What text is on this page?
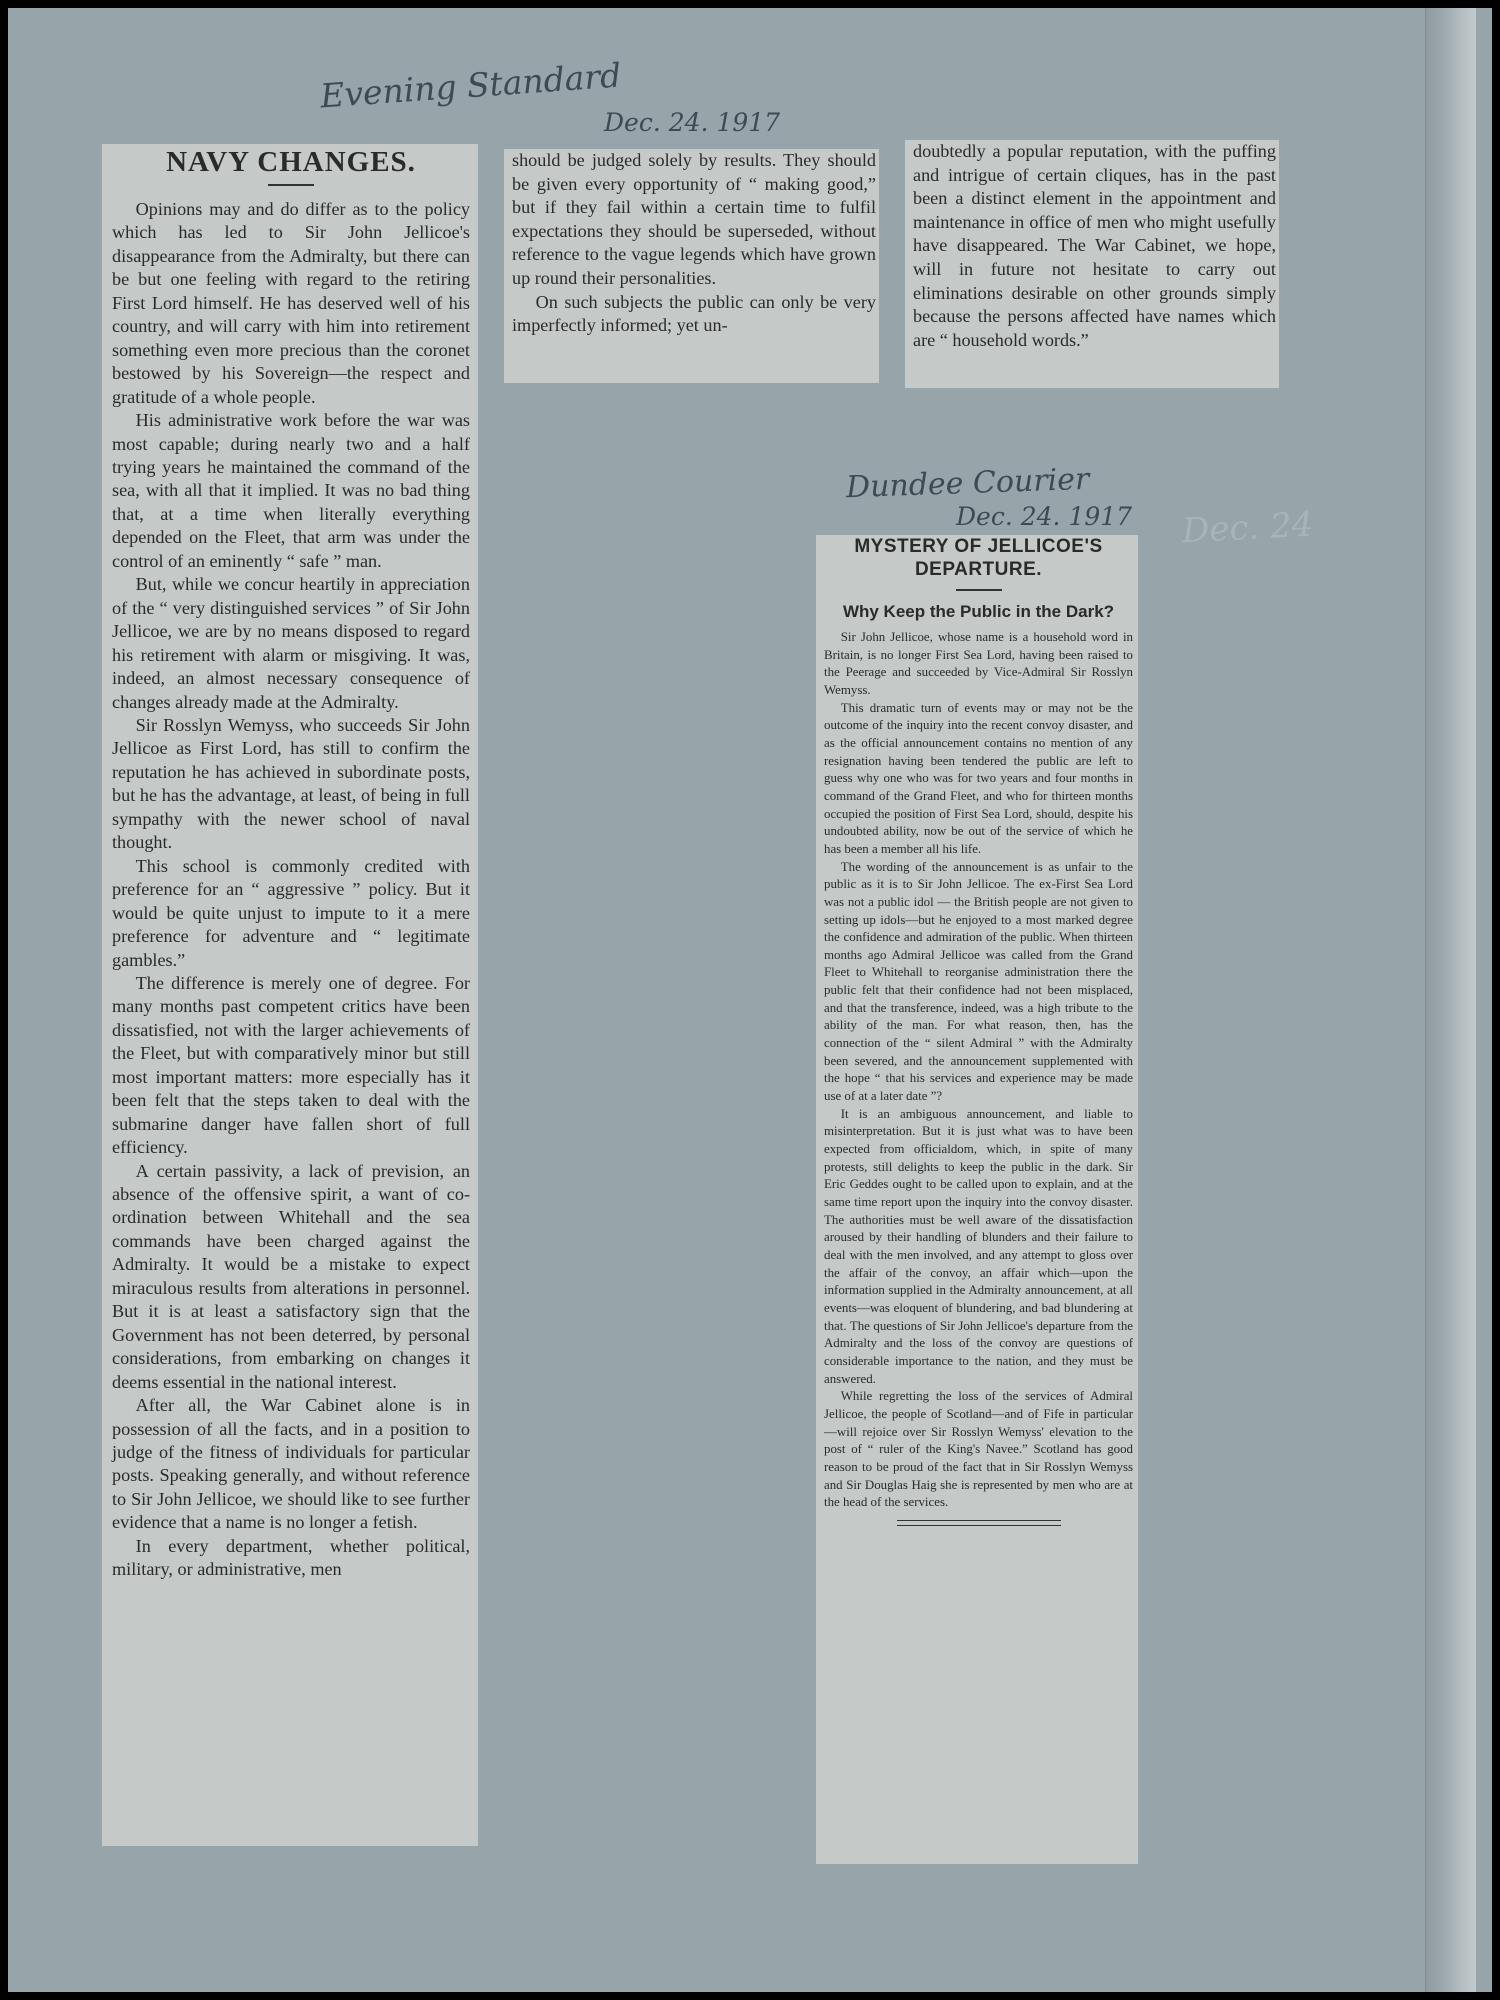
Evening Standard
Dec. 24. 1917
Dundee Courier
Dec. 24. 1917 Dec. 24
NAVY CHANGES.

Opinions may and do differ as to the policy which has led to Sir John Jellicoe's disappearance from the Admiralty, but there can be but one feeling with regard to the retiring First Lord himself. He has deserved well of his country, and will carry with him into retirement something even more precious than the coronet bestowed by his Sovereign—the respect and gratitude of a whole people.

His administrative work before the war was most capable; during nearly two and a half trying years he maintained the command of the sea, with all that it implied. It was no bad thing that, at a time when literally everything depended on the Fleet, that arm was under the control of an eminently “ safe ” man.

But, while we concur heartily in appreciation of the “ very distinguished services ” of Sir John Jellicoe, we are by no means disposed to regard his retirement with alarm or misgiving. It was, indeed, an almost necessary consequence of changes already made at the Admiralty.

Sir Rosslyn Wemyss, who succeeds Sir John Jellicoe as First Lord, has still to confirm the reputation he has achieved in subordinate posts, but he has the advantage, at least, of being in full sympathy with the newer school of naval thought.

This school is commonly credited with preference for an “ aggressive ” policy. But it would be quite unjust to impute to it a mere preference for adventure and “ legitimate gambles.”

The difference is merely one of degree. For many months past competent critics have been dissatisfied, not with the larger achievements of the Fleet, but with comparatively minor but still most important matters: more especially has it been felt that the steps taken to deal with the submarine danger have fallen short of full efficiency.

A certain passivity, a lack of prevision, an absence of the offensive spirit, a want of co-ordination between Whitehall and the sea commands have been charged against the Admiralty. It would be a mistake to expect miraculous results from alterations in personnel. But it is at least a satisfactory sign that the Government has not been deterred, by personal considerations, from embarking on changes it deems essential in the national interest.

After all, the War Cabinet alone is in possession of all the facts, and in a position to judge of the fitness of individuals for particular posts. Speaking generally, and without reference to Sir John Jellicoe, we should like to see further evidence that a name is no longer a fetish.

In every department, whether political, military, or administrative, men

should be judged solely by results. They should be given every opportunity of “ making good,” but if they fail within a certain time to fulfil expectations they should be superseded, without reference to the vague legends which have grown up round their personalities.

On such subjects the public can only be very imperfectly informed; yet un-

doubtedly a popular reputation, with the puffing and intrigue of certain cliques, has in the past been a distinct element in the appointment and maintenance in office of men who might usefully have disappeared. The War Cabinet, we hope, will in future not hesitate to carry out eliminations desirable on other grounds simply because the persons affected have names which are “ household words.”

MYSTERY OF JELLICOE'S DEPARTURE.
Why Keep the Public in the Dark?

Sir John Jellicoe, whose name is a household word in Britain, is no longer First Sea Lord, having been raised to the Peerage and succeeded by Vice-Admiral Sir Rosslyn Wemyss.

This dramatic turn of events may or may not be the outcome of the inquiry into the recent convoy disaster, and as the official announcement contains no mention of any resignation having been tendered the public are left to guess why one who was for two years and four months in command of the Grand Fleet, and who for thirteen months occupied the position of First Sea Lord, should, despite his undoubted ability, now be out of the service of which he has been a member all his life.

The wording of the announcement is as unfair to the public as it is to Sir John Jellicoe. The ex-First Sea Lord was not a public idol — the British people are not given to setting up idols—but he enjoyed to a most marked degree the confidence and admiration of the public. When thirteen months ago Admiral Jellicoe was called from the Grand Fleet to Whitehall to reorganise administration there the public felt that their confidence had not been misplaced, and that the transference, indeed, was a high tribute to the ability of the man. For what reason, then, has the connection of the “ silent Admiral ” with the Admiralty been severed, and the announcement supplemented with the hope “ that his services and experience may be made use of at a later date ”?

It is an ambiguous announcement, and liable to misinterpretation. But it is just what was to have been expected from officialdom, which, in spite of many protests, still delights to keep the public in the dark. Sir Eric Geddes ought to be called upon to explain, and at the same time report upon the inquiry into the convoy disaster. The authorities must be well aware of the dissatisfaction aroused by their handling of blunders and their failure to deal with the men involved, and any attempt to gloss over the affair of the convoy, an affair which—upon the information supplied in the Admiralty announcement, at all events—was eloquent of blundering, and bad blundering at that. The questions of Sir John Jellicoe's departure from the Admiralty and the loss of the convoy are questions of considerable importance to the nation, and they must be answered.

While regretting the loss of the services of Admiral Jellicoe, the people of Scotland—and of Fife in particular—will rejoice over Sir Rosslyn Wemyss' elevation to the post of “ ruler of the King's Navee.” Scotland has good reason to be proud of the fact that in Sir Rosslyn Wemyss and Sir Douglas Haig she is represented by men who are at the head of the services.
